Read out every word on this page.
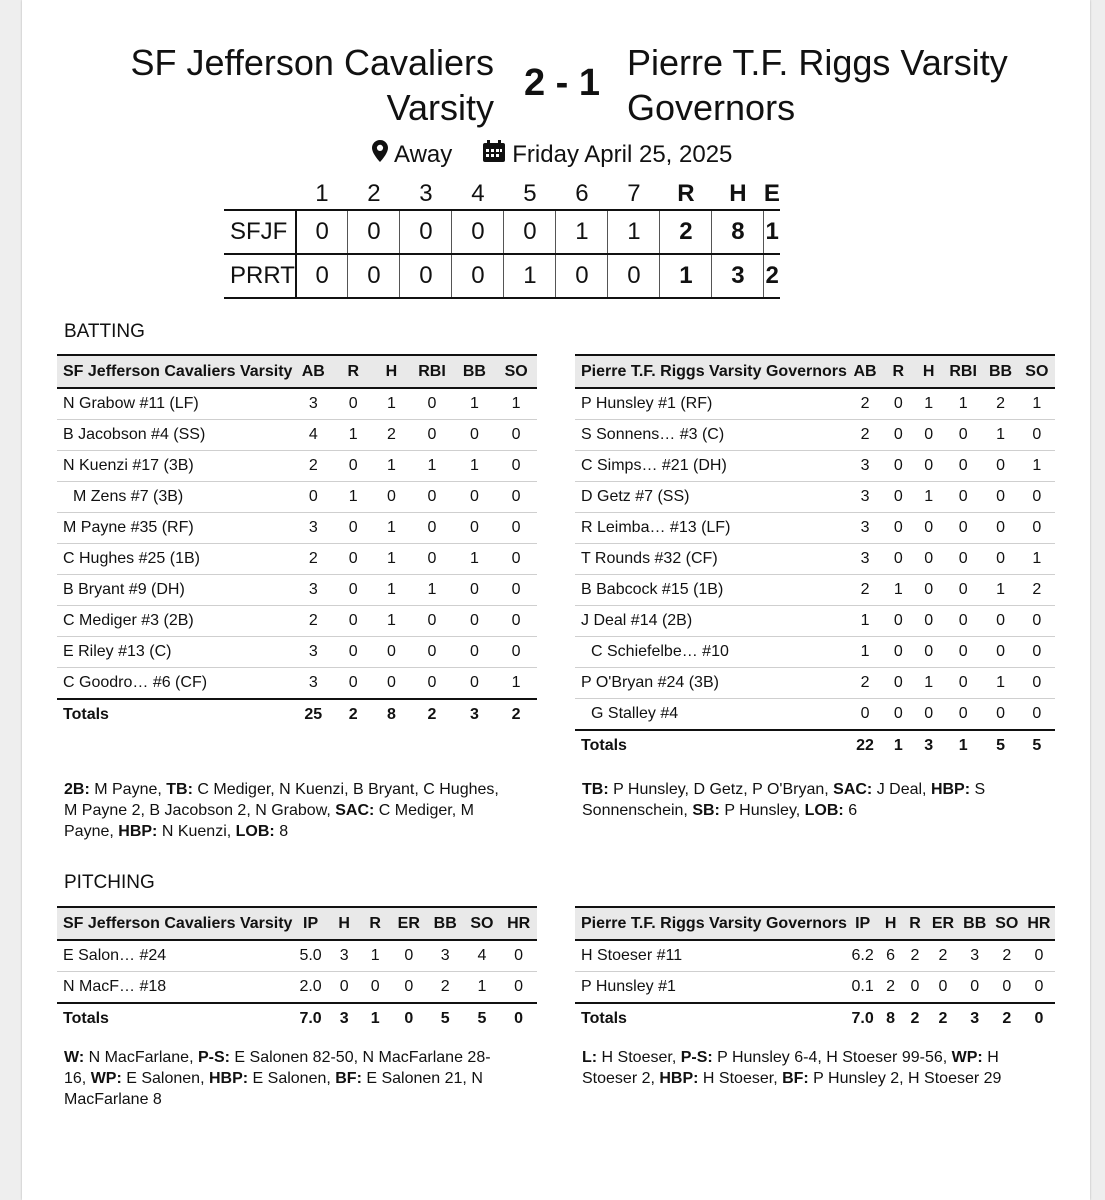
SF Jefferson Cavaliers Varsity
2 - 1 Pierre T.F. Riggs Varsity Governors
Away	Friday April 25, 2025
	1	2	3	4	5	6	7	R	H	E
SFJF	0	0	0	0	0	1	1	2	8	1
PRRT	0	0	0	0	1	0	0	1	3	2
BATTING
SF Jefferson Cavaliers Varsity	AB	R	H	RBI	BB	SO
N Grabow #11 (LF)	3	0	1	0	1	1
B Jacobson #4 (SS)	4	1	2	0	0	0
N Kuenzi #17 (3B)	2	0	1	1	1	0
M Zens #7 (3B)	0	1	0	0	0	0
M Payne #35 (RF)	3	0	1	0	0	0
C Hughes #25 (1B)	2	0	1	0	1	0
B Bryant #9 (DH)	3	0	1	1	0	0
C Mediger #3 (2B)	2	0	1	0	0	0
E Riley #13 (C)	3	0	0	0	0	0
C Goodro… #6 (CF)	3	0	0	0	0	1
Totals	25	2	8	2	3	2
2B: M Payne, TB: C Mediger, N Kuenzi, B Bryant, C Hughes, M Payne 2, B Jacobson 2, N Grabow, SAC: C Mediger, M Payne, HBP: N Kuenzi, LOB: 8
Pierre T.F. Riggs Varsity Governors	AB	R	H	RBI	BB	SO
P Hunsley #1 (RF)	2	0	1	1	2	1
S Sonnens… #3 (C)	2	0	0	0	1	0
C Simps… #21 (DH)	3	0	0	0	0	1
D Getz #7 (SS)	3	0	1	0	0	0
R Leimba… #13 (LF)	3	0	0	0	0	0
T Rounds #32 (CF)	3	0	0	0	0	1
B Babcock #15 (1B)	2	1	0	0	1	2
J Deal #14 (2B)	1	0	0	0	0	0
C Schiefelbe… #10	1	0	0	0	0	0
P O'Bryan #24 (3B)	2	0	1	0	1	0
G Stalley #4	0	0	0	0	0	0
Totals	22	1	3	1	5	5
TB: P Hunsley, D Getz, P O'Bryan, SAC: J Deal, HBP: S Sonnenschein, SB: P Hunsley, LOB: 6
PITCHING
SF Jefferson Cavaliers Varsity	IP	H	R	ER	BB	SO	HR
E Salon… #24	5.0	3	1	0	3	4	0
N MacF… #18	2.0	0	0	0	2	1	0
Totals	7.0	3	1	0	5	5	0
W: N MacFarlane, P-S: E Salonen 82-50, N MacFarlane 28-16, WP: E Salonen, HBP: E Salonen, BF: E Salonen 21, N MacFarlane 8
Pierre T.F. Riggs Varsity Governors	IP	H	R	ER	BB	SO	HR
H Stoeser #11	6.2	6	2	2	3	2	0
P Hunsley #1	0.1	2	0	0	0	0	0
Totals	7.0	8	2	2	3	2	0
L: H Stoeser, P-S: P Hunsley 6-4, H Stoeser 99-56, WP: H Stoeser 2, HBP: H Stoeser, BF: P Hunsley 2, H Stoeser 29
